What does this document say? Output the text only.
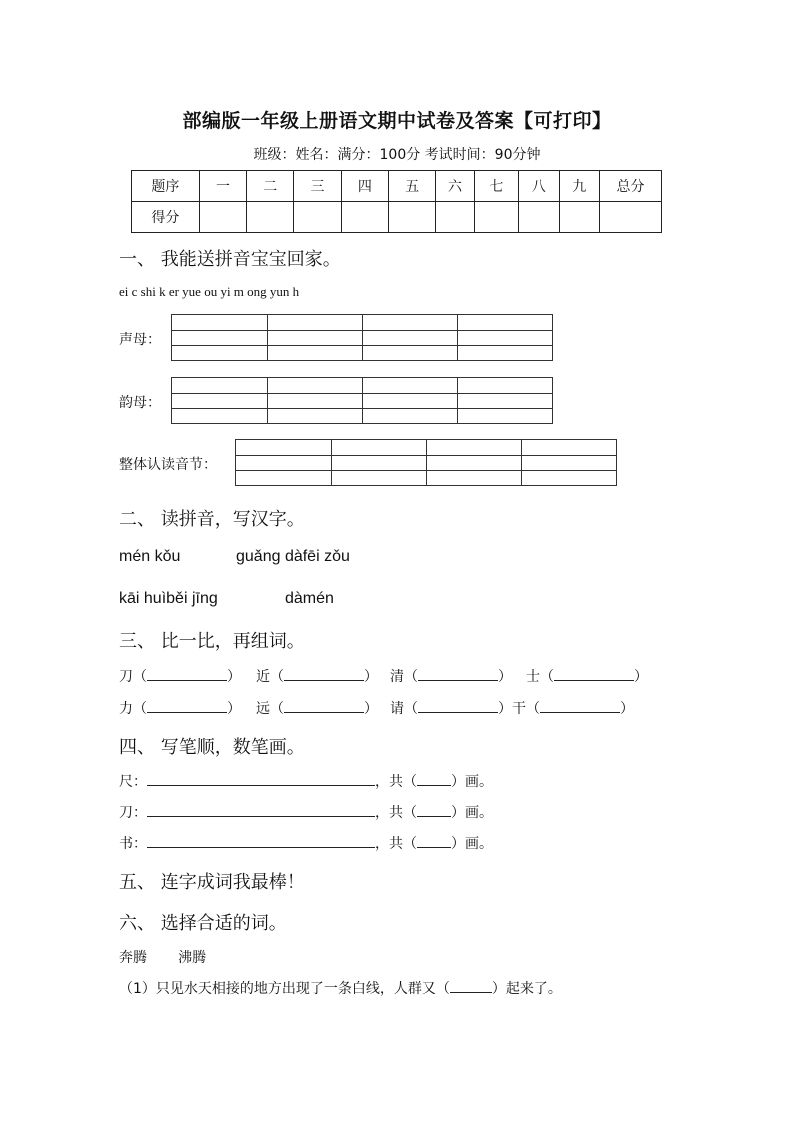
部编版一年级上册语文期中试卷及答案【可打印】
班级：姓名：满分：100分 考试时间：90分钟
题序	一	二	三	四	五	六	七	八	九	总分
得分										
一、 我能送拼音宝宝回家。
ei c shi k er yue ou yi m ong yun h
声母：
韵母：
整体认读音节：
二、 读拼音，写汉字。
mén kǒu	guǎng dàfēi zǒu
kāi huìběi jīng	dàmén
三、 比一比，再组词。
刀（	） 近（	） 清（	） 士（	）
力（	） 远（	） 请（	） 干（	）
四、 写笔顺，数笔画。
尺：	，共（ ）画。
刀：	，共（ ）画。
书：	，共（ ）画。
五、 连字成词我最棒！
六、 选择合适的词。
奔腾       沸腾
（1）只见水天相接的地方出现了一条白线，人群又（	）起来了。
